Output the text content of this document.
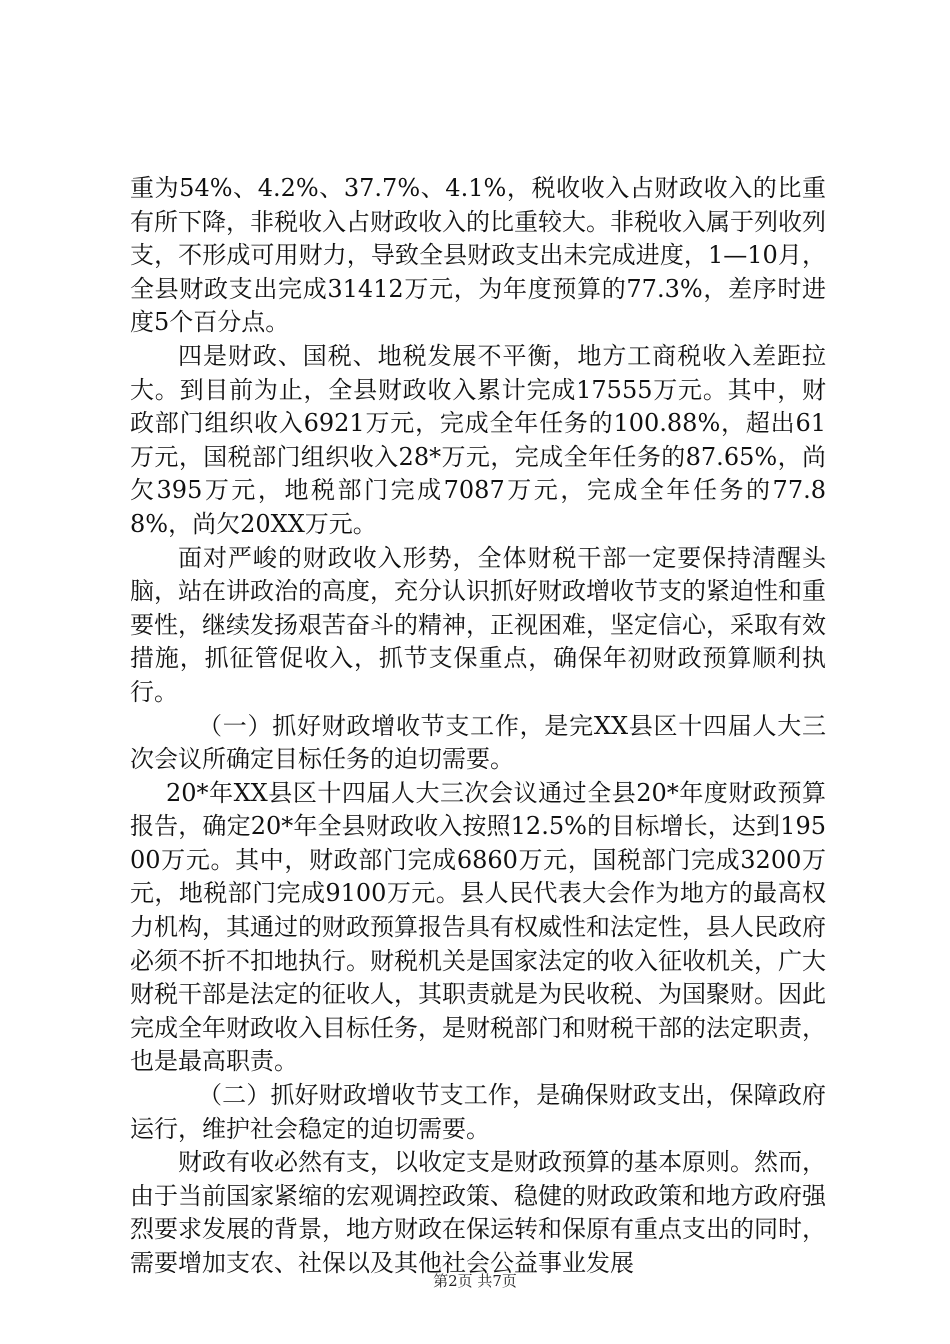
重为54%、4.2%、37.7%、4.1%，税收收入占财政收入的比重有所下降，非税收入占财政收入的比重较大。非税收入属于列收列支，不形成可用财力，导致全县财政支出未完成进度，1—10月，全县财政支出完成31412万元，为年度预算的77.3%，差序时进度5个百分点。

四是财政、国税、地税发展不平衡，地方工商税收入差距拉大。到目前为止，全县财政收入累计完成17555万元。其中，财政部门组织收入6921万元，完成全年任务的100.88%，超出61万元，国税部门组织收入28*万元，完成全年任务的87.65%，尚欠395万元，地税部门完成7087万元，完成全年任务的77.88%，尚欠20XX万元。

面对严峻的财政收入形势，全体财税干部一定要保持清醒头脑，站在讲政治的高度，充分认识抓好财政增收节支的紧迫性和重要性，继续发扬艰苦奋斗的精神，正视困难，坚定信心，采取有效措施，抓征管促收入，抓节支保重点，确保年初财政预算顺利执行。

（一）抓好财政增收节支工作，是完XX县区十四届人大三次会议所确定目标任务的迫切需要。

20*年XX县区十四届人大三次会议通过全县20*年度财政预算报告，确定20*年全县财政收入按照12.5%的目标增长，达到19500万元。其中，财政部门完成6860万元，国税部门完成3200万元，地税部门完成9100万元。县人民代表大会作为地方的最高权力机构，其通过的财政预算报告具有权威性和法定性，县人民政府必须不折不扣地执行。财税机关是国家法定的收入征收机关，广大财税干部是法定的征收人，其职责就是为民收税、为国聚财。因此完成全年财政收入目标任务，是财税部门和财税干部的法定职责，也是最高职责。

（二）抓好财政增收节支工作，是确保财政支出，保障政府运行，维护社会稳定的迫切需要。

财政有收必然有支，以收定支是财政预算的基本原则。然而，由于当前国家紧缩的宏观调控政策、稳健的财政政策和地方政府强烈要求发展的背景，地方财政在保运转和保原有重点支出的同时，需要增加支农、社保以及其他社会公益事业发展

第2页 共7页
